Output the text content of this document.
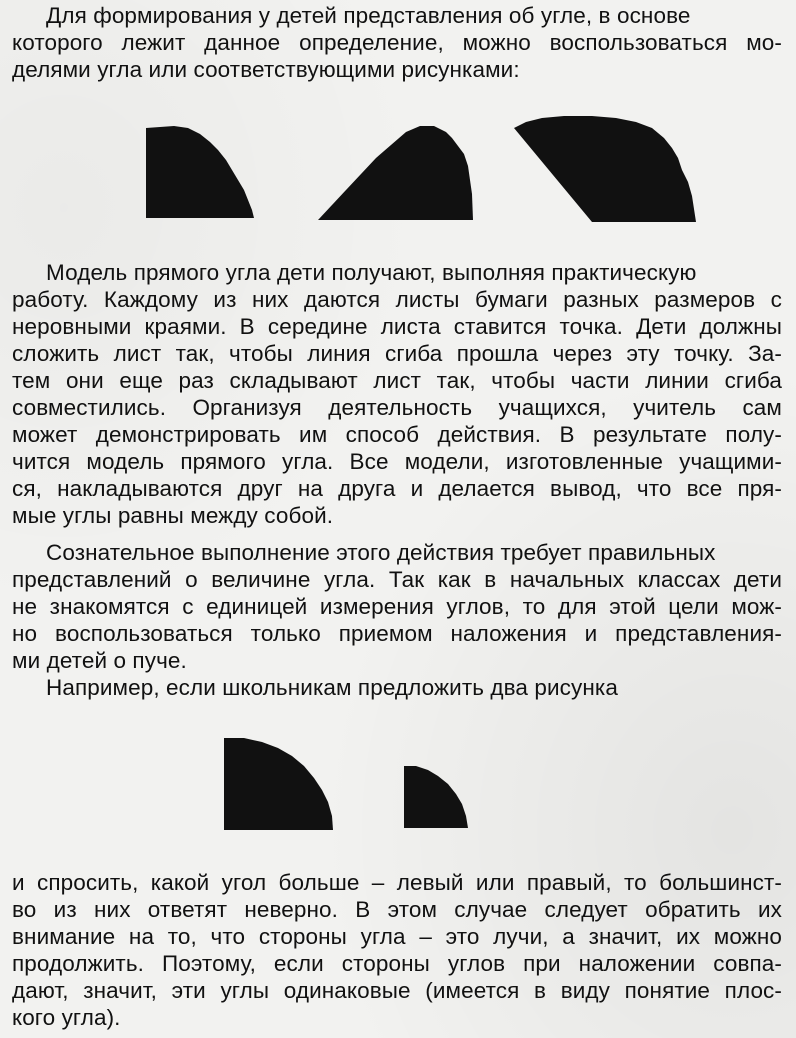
Для формирования у детей представления об угле, в основе
которого лежит данное определение, можно воспользоваться мо-
делями угла или соответствующими рисунками:
Модель прямого угла дети получают, выполняя практическую
работу. Каждому из них даются листы бумаги разных размеров с
неровными краями. В середине листа ставится точка. Дети должны
сложить лист так, чтобы линия сгиба прошла через эту точку. За-
тем они еще раз складывают лист так, чтобы части линии сгиба
совместились. Организуя деятельность учащихся, учитель сам
может демонстрировать им способ действия. В результате полу-
чится модель прямого угла. Все модели, изготовленные учащими-
ся, накладываются друг на друга и делается вывод, что все пря-
мые углы равны между собой.
Сознательное выполнение этого действия требует правильных
представлений о величине угла. Так как в начальных классах дети
не знакомятся с единицей измерения углов, то для этой цели мож-
но воспользоваться только приемом наложения и представления-
ми детей о пуче.
Например, если школьникам предложить два рисунка
и спросить, какой угол больше – левый или правый, то большинст-
во из них ответят неверно. В этом случае следует обратить их
внимание на то, что стороны угла – это лучи, а значит, их можно
продолжить. Поэтому, если стороны углов при наложении совпа-
дают, значит, эти углы одинаковые (имеется в виду понятие плос-
кого угла).
